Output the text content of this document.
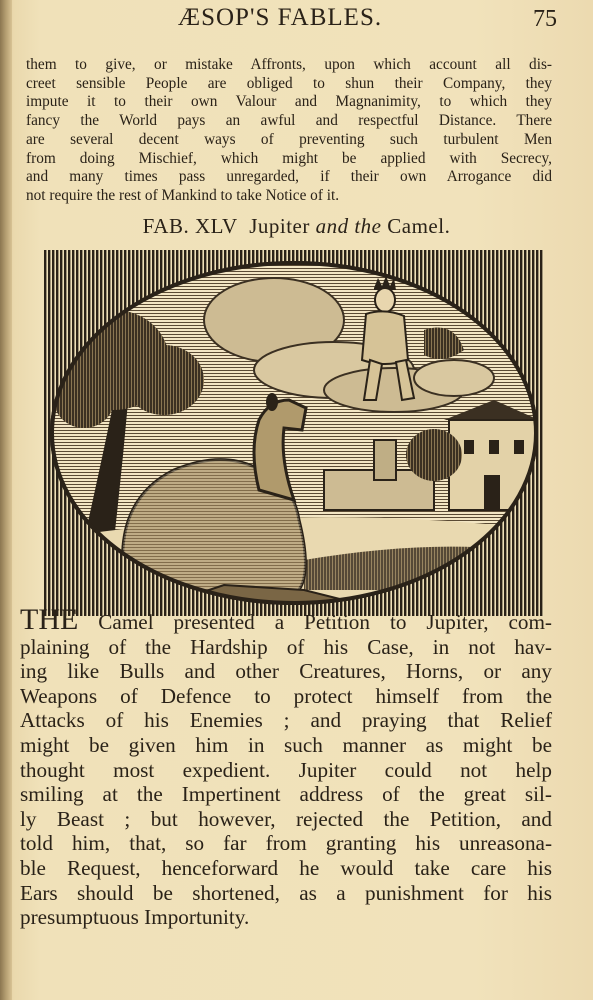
ÆSOP'S FABLES.	75
them to give, or mistake Affronts, upon which account all dis-
creet sensible People are obliged to shun their Company, they
impute it to their own Valour and Magnanimity, to which they
fancy the World pays an awful and respectful Distance. There
are several decent ways of preventing such turbulent Men
from doing Mischief, which might be applied with Secrecy,
and many times pass unregarded, if their own Arrogance did
not require the rest of Mankind to take Notice of it.
FAB. XLV Jupiter and the Camel.
THE Camel presented a Petition to Jupiter, com-
plaining of the Hardship of his Case, in not hav-
ing like Bulls and other Creatures, Horns, or any
Weapons of Defence to protect himself from the
Attacks of his Enemies ; and praying that Relief
might be given him in such manner as might be
thought most expedient. Jupiter could not help
smiling at the Impertinent address of the great sil-
ly Beast ; but however, rejected the Petition, and
told him, that, so far from granting his unreasona-
ble Request, henceforward he would take care his
Ears should be shortened, as a punishment for his
presumptuous Importunity.
